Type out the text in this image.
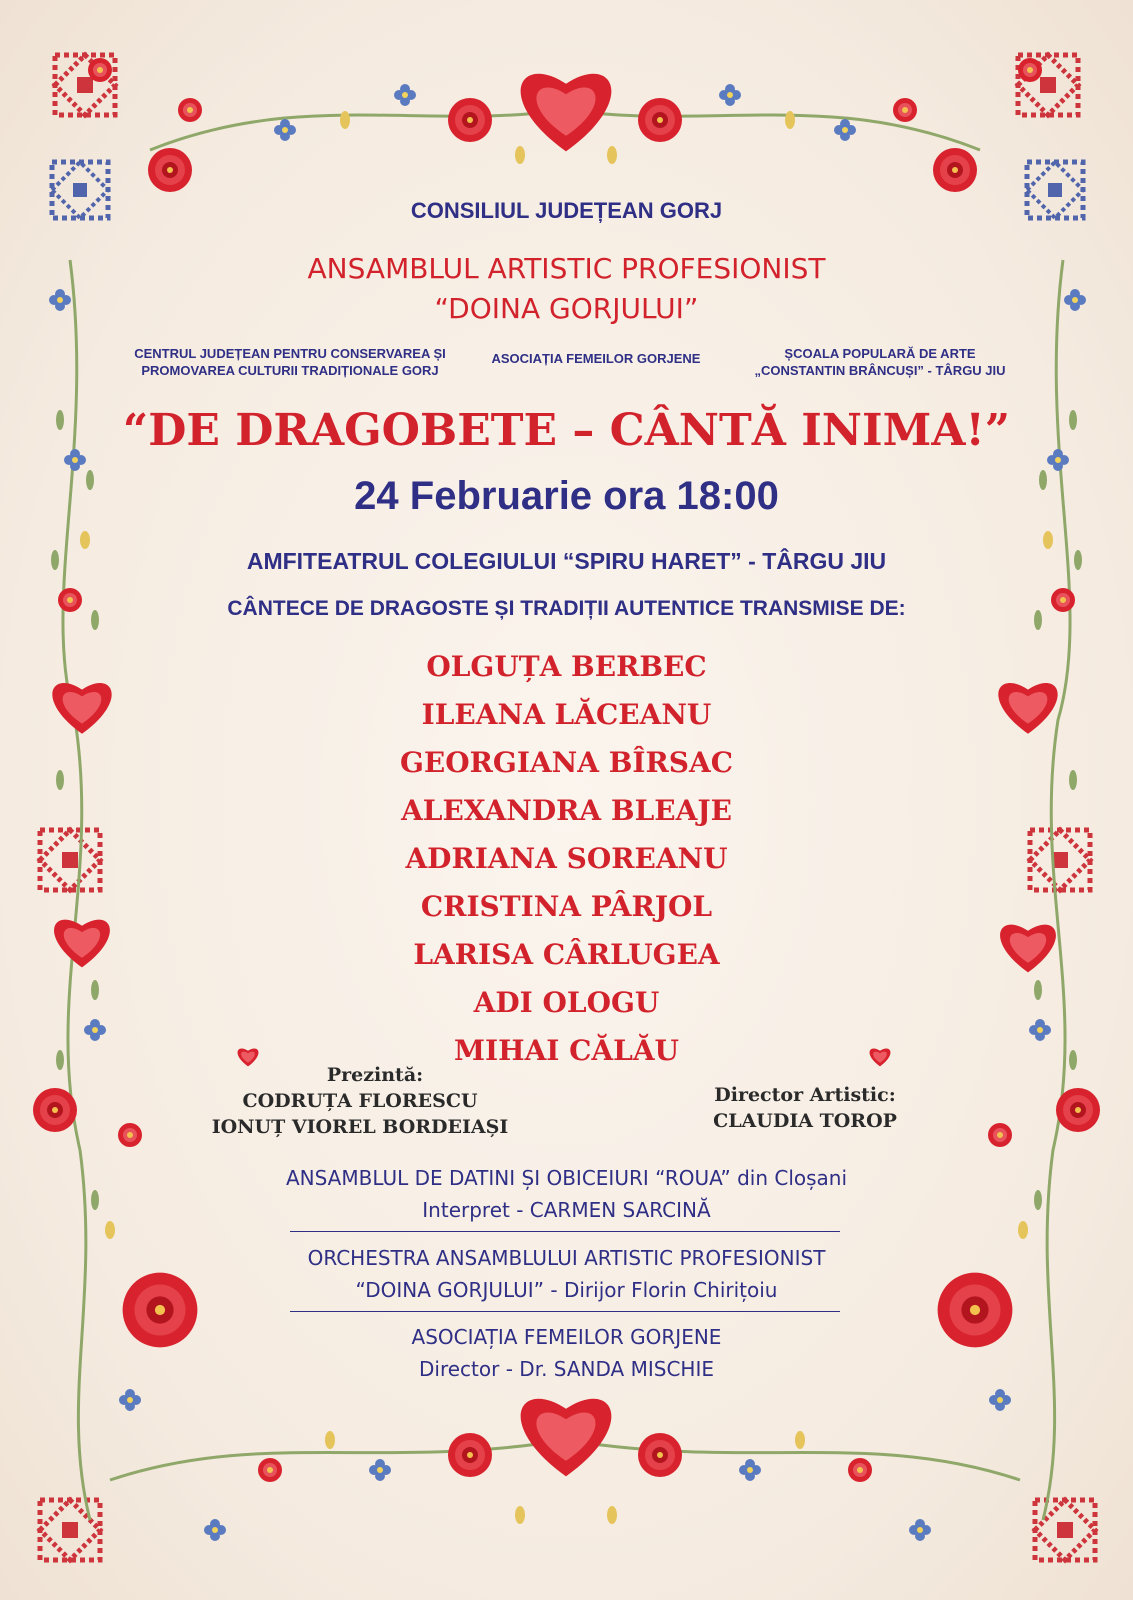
CONSILIUL JUDEȚEAN GORJ

ANSAMBLUL ARTISTIC PROFESIONIST

“DOINA GORJULUI”

CENTRUL JUDEȚEAN PENTRU CONSERVAREA ȘI
PROMOVAREA CULTURII TRADIȚIONALE GORJ
ASOCIAȚIA FEMEILOR GORJENE	ȘCOALA POPULARĂ DE ARTE
„CONSTANTIN BRÂNCUȘI” - TÂRGU JIU

“DE DRAGOBETE – CÂNTĂ INIMA!”

24 Februarie ora 18:00

AMFITEATRUL COLEGIULUI “SPIRU HARET” - TÂRGU JIU

CÂNTECE DE DRAGOSTE ȘI TRADIȚII AUTENTICE TRANSMISE DE:

OLGUȚA BERBEC

ILEANA LĂCEANU

GEORGIANA BÎRSAC

ALEXANDRA BLEAJE

ADRIANA SOREANU

CRISTINA PÂRJOL

LARISA CÂRLUGEA

ADI OLOGU

MIHAI CĂLĂU

Prezintă:
CODRUȚA FLORESCU
IONUȚ VIOREL BORDEIAȘI
Director Artistic:
CLAUDIA TOROP

ANSAMBLUL DE DATINI ȘI OBICEIURI “ROUA” din Cloșani

Interpret - CARMEN SARCINĂ

ORCHESTRA ANSAMBLULUI ARTISTIC PROFESIONIST

“DOINA GORJULUI” - Dirijor Florin Chirițoiu

ASOCIAȚIA FEMEILOR GORJENE

Director - Dr. SANDA MISCHIE
